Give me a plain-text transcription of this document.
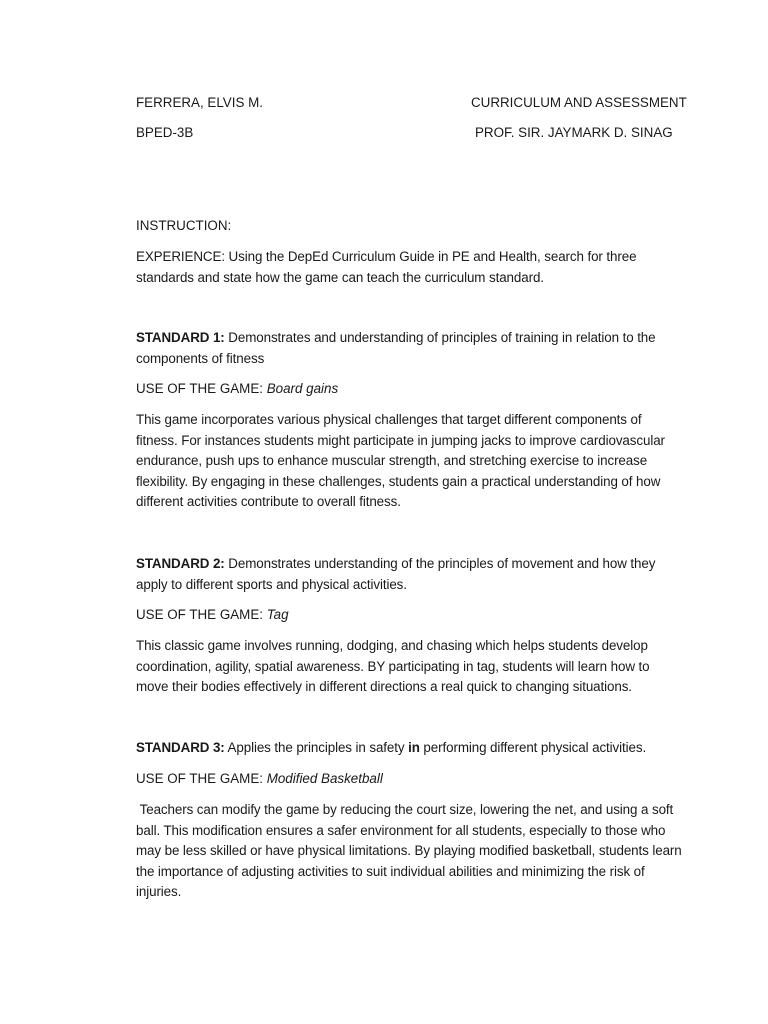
FERRERA, ELVIS M.	CURRICULUM AND ASSESSMENT
BPED-3B	PROF. SIR. JAYMARK D. SINAG
INSTRUCTION:
EXPERIENCE: Using the DepEd Curriculum Guide in PE and Health, search for three standards and state how the game can teach the curriculum standard.
STANDARD 1: Demonstrates and understanding of principles of training in relation to the components of fitness
USE OF THE GAME: Board gains
This game incorporates various physical challenges that target different components of fitness. For instances students might participate in jumping jacks to improve cardiovascular endurance, push ups to enhance muscular strength, and stretching exercise to increase flexibility. By engaging in these challenges, students gain a practical understanding of how different activities contribute to overall fitness.
STANDARD 2: Demonstrates understanding of the principles of movement and how they apply to different sports and physical activities.
USE OF THE GAME: Tag
This classic game involves running, dodging, and chasing which helps students develop coordination, agility, spatial awareness. BY participating in tag, students will learn how to move their bodies effectively in different directions a real quick to changing situations.
STANDARD 3: Applies the principles in safety in performing different physical activities.
USE OF THE GAME: Modified Basketball
Teachers can modify the game by reducing the court size, lowering the net, and using a soft ball. This modification ensures a safer environment for all students, especially to those who may be less skilled or have physical limitations. By playing modified basketball, students learn the importance of adjusting activities to suit individual abilities and minimizing the risk of injuries.
